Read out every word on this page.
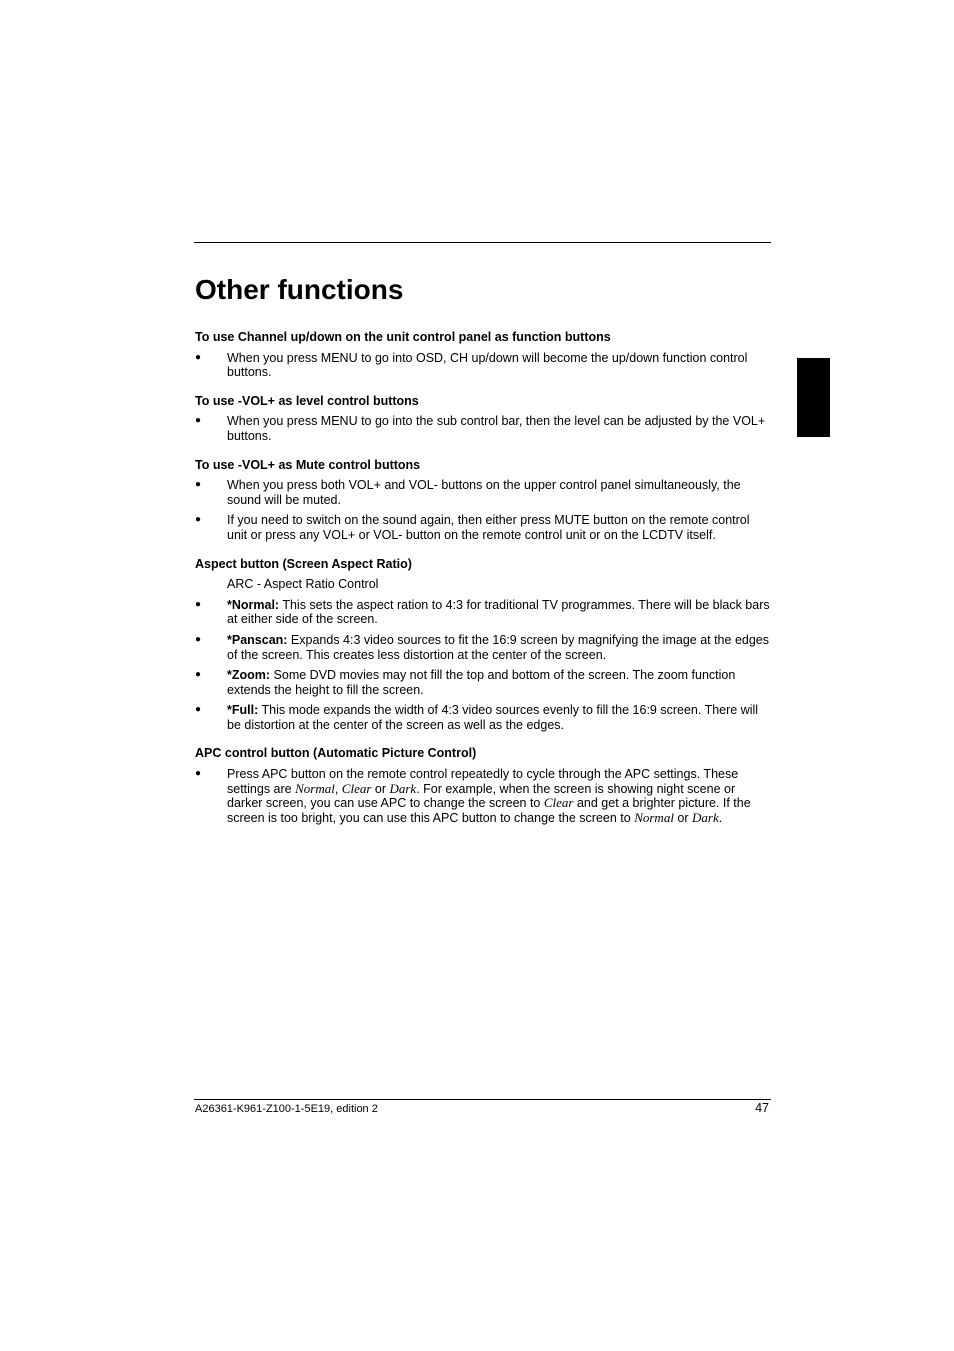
Other functions

To use Channel up/down on the unit control panel as function buttons

● When you press MENU to go into OSD, CH up/down will become the up/down function control buttons.

To use -VOL+ as level control buttons

● When you press MENU to go into the sub control bar, then the level can be adjusted by the VOL+ buttons.

To use -VOL+ as Mute control buttons

● When you press both VOL+ and VOL- buttons on the upper control panel simultaneously, the sound will be muted.
● If you need to switch on the sound again, then either press MUTE button on the remote control unit or press any VOL+ or VOL- button on the remote control unit or on the LCDTV itself.

Aspect button (Screen Aspect Ratio)

ARC - Aspect Ratio Control
● *Normal: This sets the aspect ration to 4:3 for traditional TV programmes. There will be black bars at either side of the screen.
● *Panscan: Expands 4:3 video sources to fit the 16:9 screen by magnifying the image at the edges of the screen. This creates less distortion at the center of the screen.
● *Zoom: Some DVD movies may not fill the top and bottom of the screen. The zoom function extends the height to fill the screen.
● *Full: This mode expands the width of 4:3 video sources evenly to fill the 16:9 screen. There will be distortion at the center of the screen as well as the edges.

APC control button (Automatic Picture Control)

● Press APC button on the remote control repeatedly to cycle through the APC settings. These settings are Normal, Clear or Dark. For example, when the screen is showing night scene or darker screen, you can use APC to change the screen to Clear and get a brighter picture. If the screen is too bright, you can use this APC button to change the screen to Normal or Dark.
A26361-K961-Z100-1-5E19, edition 2	47
